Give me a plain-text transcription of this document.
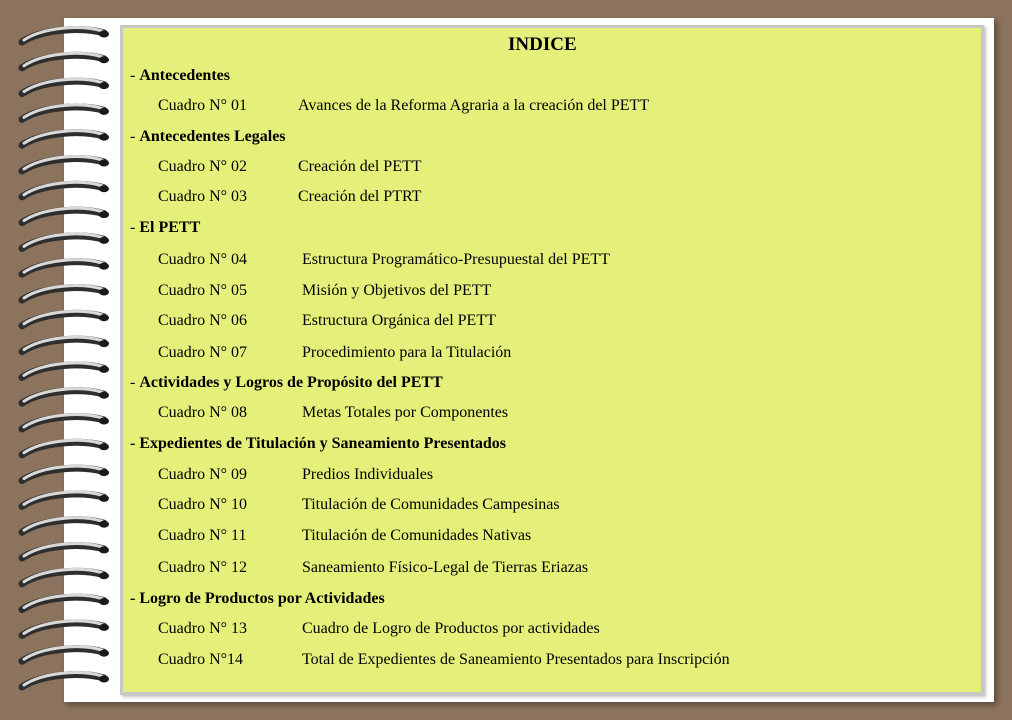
INDICE
- Antecedentes
Cuadro N° 01	Avances de la Reforma Agraria a la creación del PETT
- Antecedentes Legales
Cuadro N° 02	Creación del PETT
Cuadro N° 03	Creación del PTRT
- El PETT
Cuadro N° 04	Estructura Programático-Presupuestal del PETT
Cuadro N° 05	Misión y Objetivos del PETT
Cuadro N° 06	Estructura Orgánica del PETT
Cuadro N° 07	Procedimiento para la Titulación
- Actividades y Logros de Propósito del PETT
Cuadro N° 08	Metas Totales por Componentes
- Expedientes de Titulación y Saneamiento Presentados
Cuadro N° 09	Predios Individuales
Cuadro N° 10	Titulación de Comunidades Campesinas
Cuadro N° 11	Titulación de Comunidades Nativas
Cuadro N° 12	Saneamiento Físico-Legal de Tierras Eriazas
- Logro de Productos por Actividades
Cuadro N° 13	Cuadro de Logro de Productos por actividades
Cuadro N°14	Total de Expedientes de Saneamiento Presentados para Inscripción
